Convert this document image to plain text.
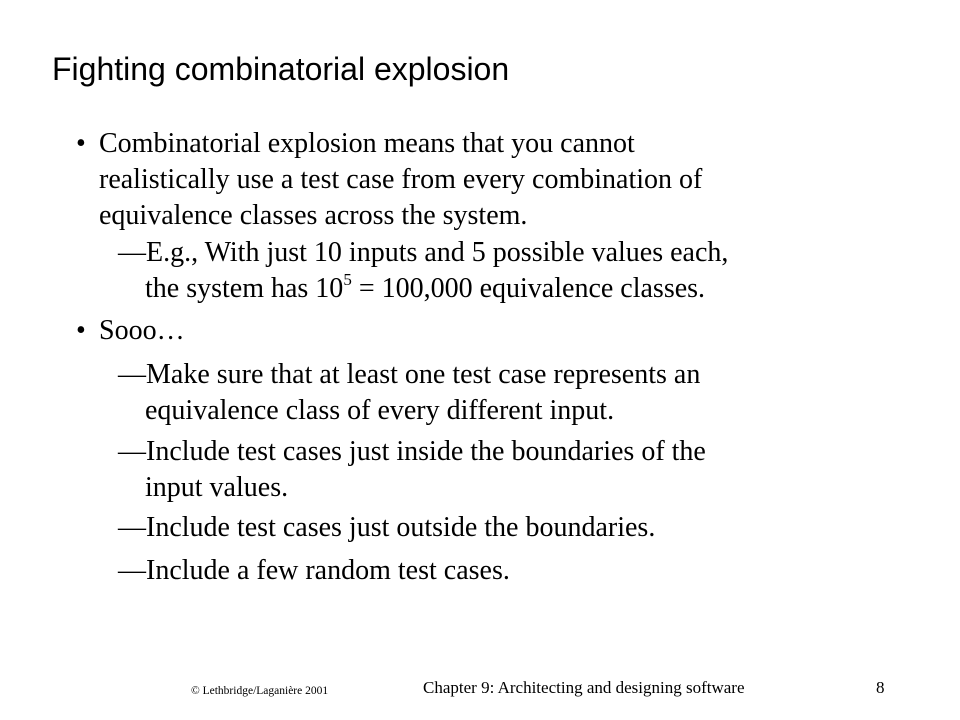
Fighting combinatorial explosion
• Combinatorial explosion means that you cannot
realistically use a test case from every combination of
equivalence classes across the system.
—E.g., With just 10 inputs and 5 possible values each,
the system has $10^5 = 100,000$ equivalence classes.
• Sooo…
—Make sure that at least one test case represents an
equivalence class of every different input.
—Include test cases just inside the boundaries of the
input values.
—Include test cases just outside the boundaries.
—Include a few random test cases.
© Lethbridge/Laganière 2001	Chapter 9: Architecting and designing software	8
